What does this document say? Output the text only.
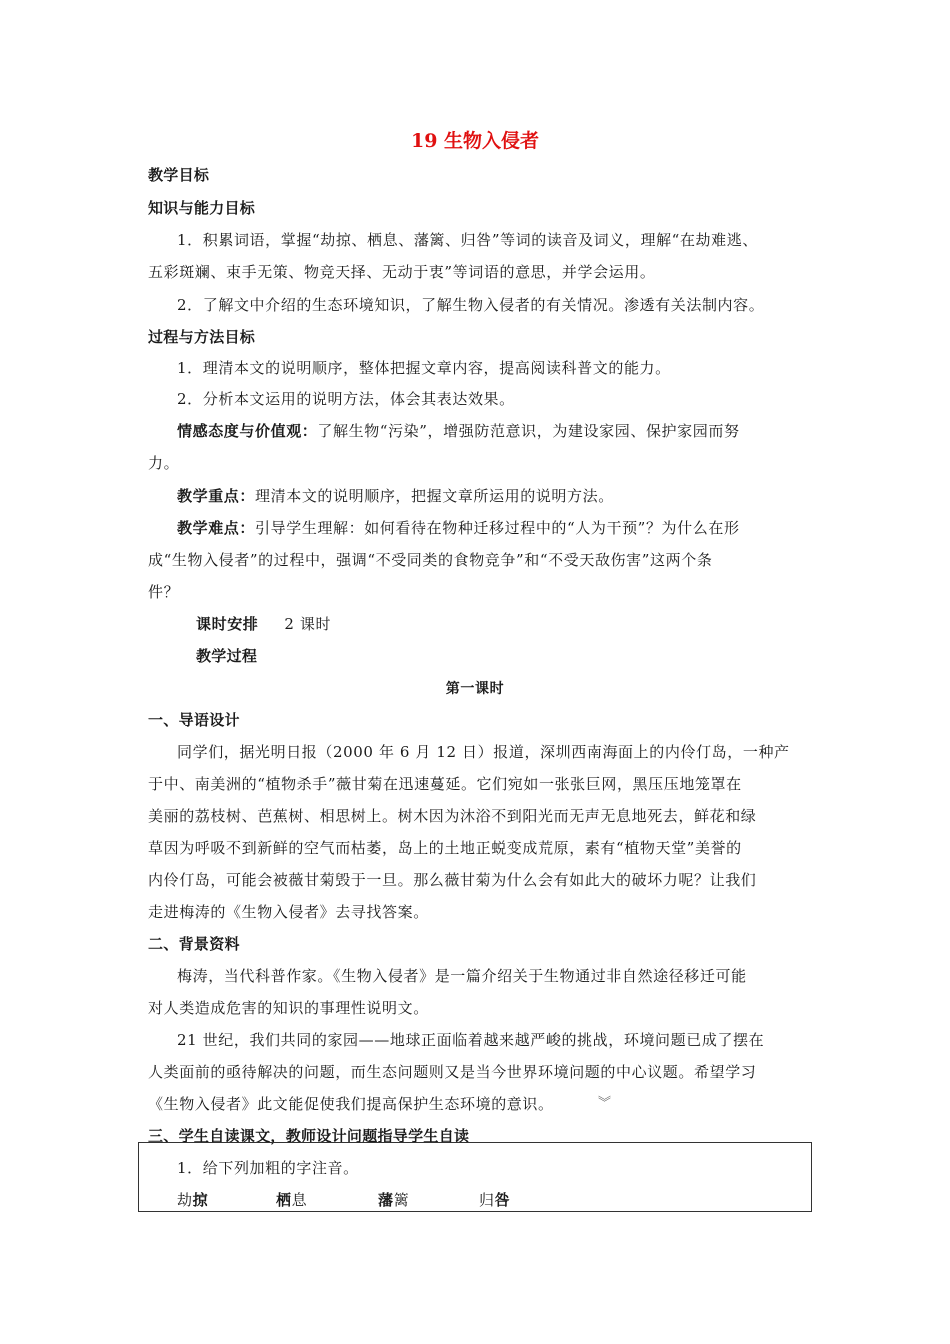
19 生物入侵者
教学目标
知识与能力目标
1．积累词语，掌握“劫掠、栖息、藩篱、归咎”等词的读音及词义，理解“在劫难逃、
五彩斑斓、束手无策、物竞天择、无动于衷”等词语的意思，并学会运用。
2．了解文中介绍的生态环境知识，了解生物入侵者的有关情况。渗透有关法制内容。
过程与方法目标
1．理清本文的说明顺序，整体把握文章内容，提高阅读科普文的能力。
2．分析本文运用的说明方法，体会其表达效果。
情感态度与价值观：了解生物“污染”，增强防范意识，为建设家园、保护家园而努
力。
教学重点：理清本文的说明顺序，把握文章所运用的说明方法。
教学难点：引导学生理解：如何看待在物种迁移过程中的“人为干预”？为什么在形
成“生物入侵者”的过程中，强调“不受同类的食物竞争”和“不受天敌伤害”这两个条
件？
课时安排 2 课时
教学过程
第一课时
一、导语设计
同学们，据光明日报（2000 年 6 月 12 日）报道，深圳西南海面上的内伶仃岛，一种产
于中、南美洲的“植物杀手”薇甘菊在迅速蔓延。它们宛如一张张巨网，黑压压地笼罩在
美丽的荔枝树、芭蕉树、相思树上。树木因为沐浴不到阳光而无声无息地死去，鲜花和绿
草因为呼吸不到新鲜的空气而枯萎，岛上的土地正蜕变成荒原，素有“植物天堂”美誉的
内伶仃岛，可能会被薇甘菊毁于一旦。那么薇甘菊为什么会有如此大的破坏力呢？让我们
走进梅涛的《生物入侵者》去寻找答案。
二、背景资料
梅涛，当代科普作家。《生物入侵者》是一篇介绍关于生物通过非自然途径移迁可能
对人类造成危害的知识的事理性说明文。
21 世纪，我们共同的家园——地球正面临着越来越严峻的挑战，环境问题已成了摆在
人类面前的亟待解决的问题，而生态问题则又是当今世界环境问题的中心议题。希望学习
《生物入侵者》此文能促使我们提高保护生态环境的意识。	︾
三、学生自读课文，教师设计问题指导学生自读
1．给下列加粗的字注音。
劫掠	栖息	藩篱	归咎
